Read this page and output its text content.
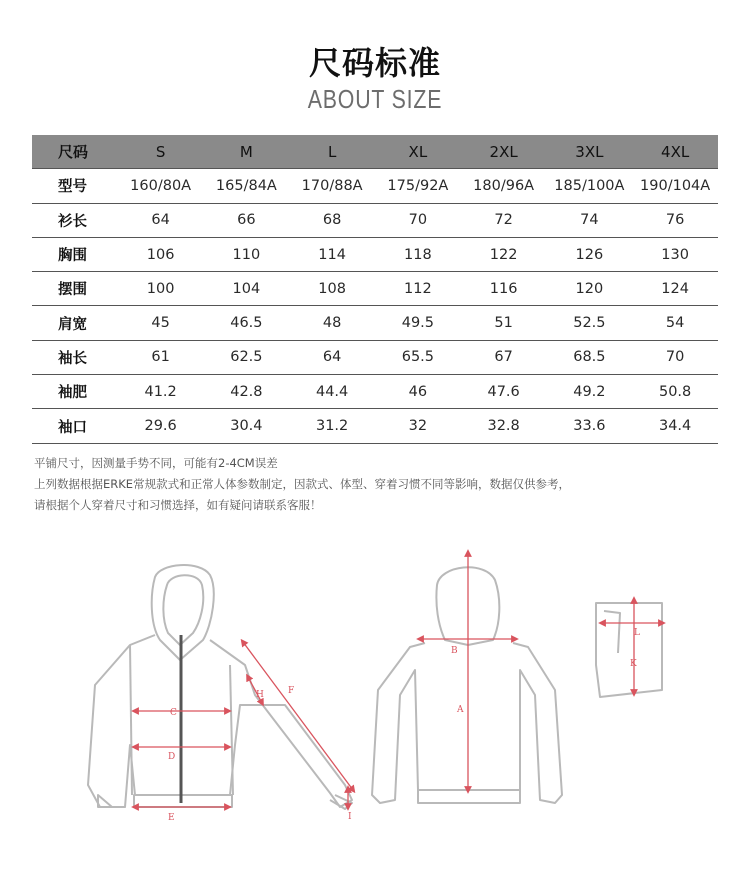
尺码标准
ABOUT SIZE
尺码	S	M	L	XL	2XL	3XL	4XL
型号	160/80A	165/84A	170/88A	175/92A	180/96A	185/100A	190/104A
衫长	64	66	68	70	72	74	76
胸围	106	110	114	118	122	126	130
摆围	100	104	108	112	116	120	124
肩宽	45	46.5	48	49.5	51	52.5	54
袖长	61	62.5	64	65.5	67	68.5	70
袖肥	41.2	42.8	44.4	46	47.6	49.2	50.8
袖口	29.6	30.4	31.2	32	32.8	33.6	34.4
平铺尺寸，因测量手势不同，可能有2-4CM误差
上列数据根据ERKE常规款式和正常人体参数制定，因款式、体型、穿着习惯不同等影响，数据仅供参考，
请根据个人穿着尺寸和习惯选择，如有疑问请联系客服！
C
D
E
F
H
I
A
B
L
K
